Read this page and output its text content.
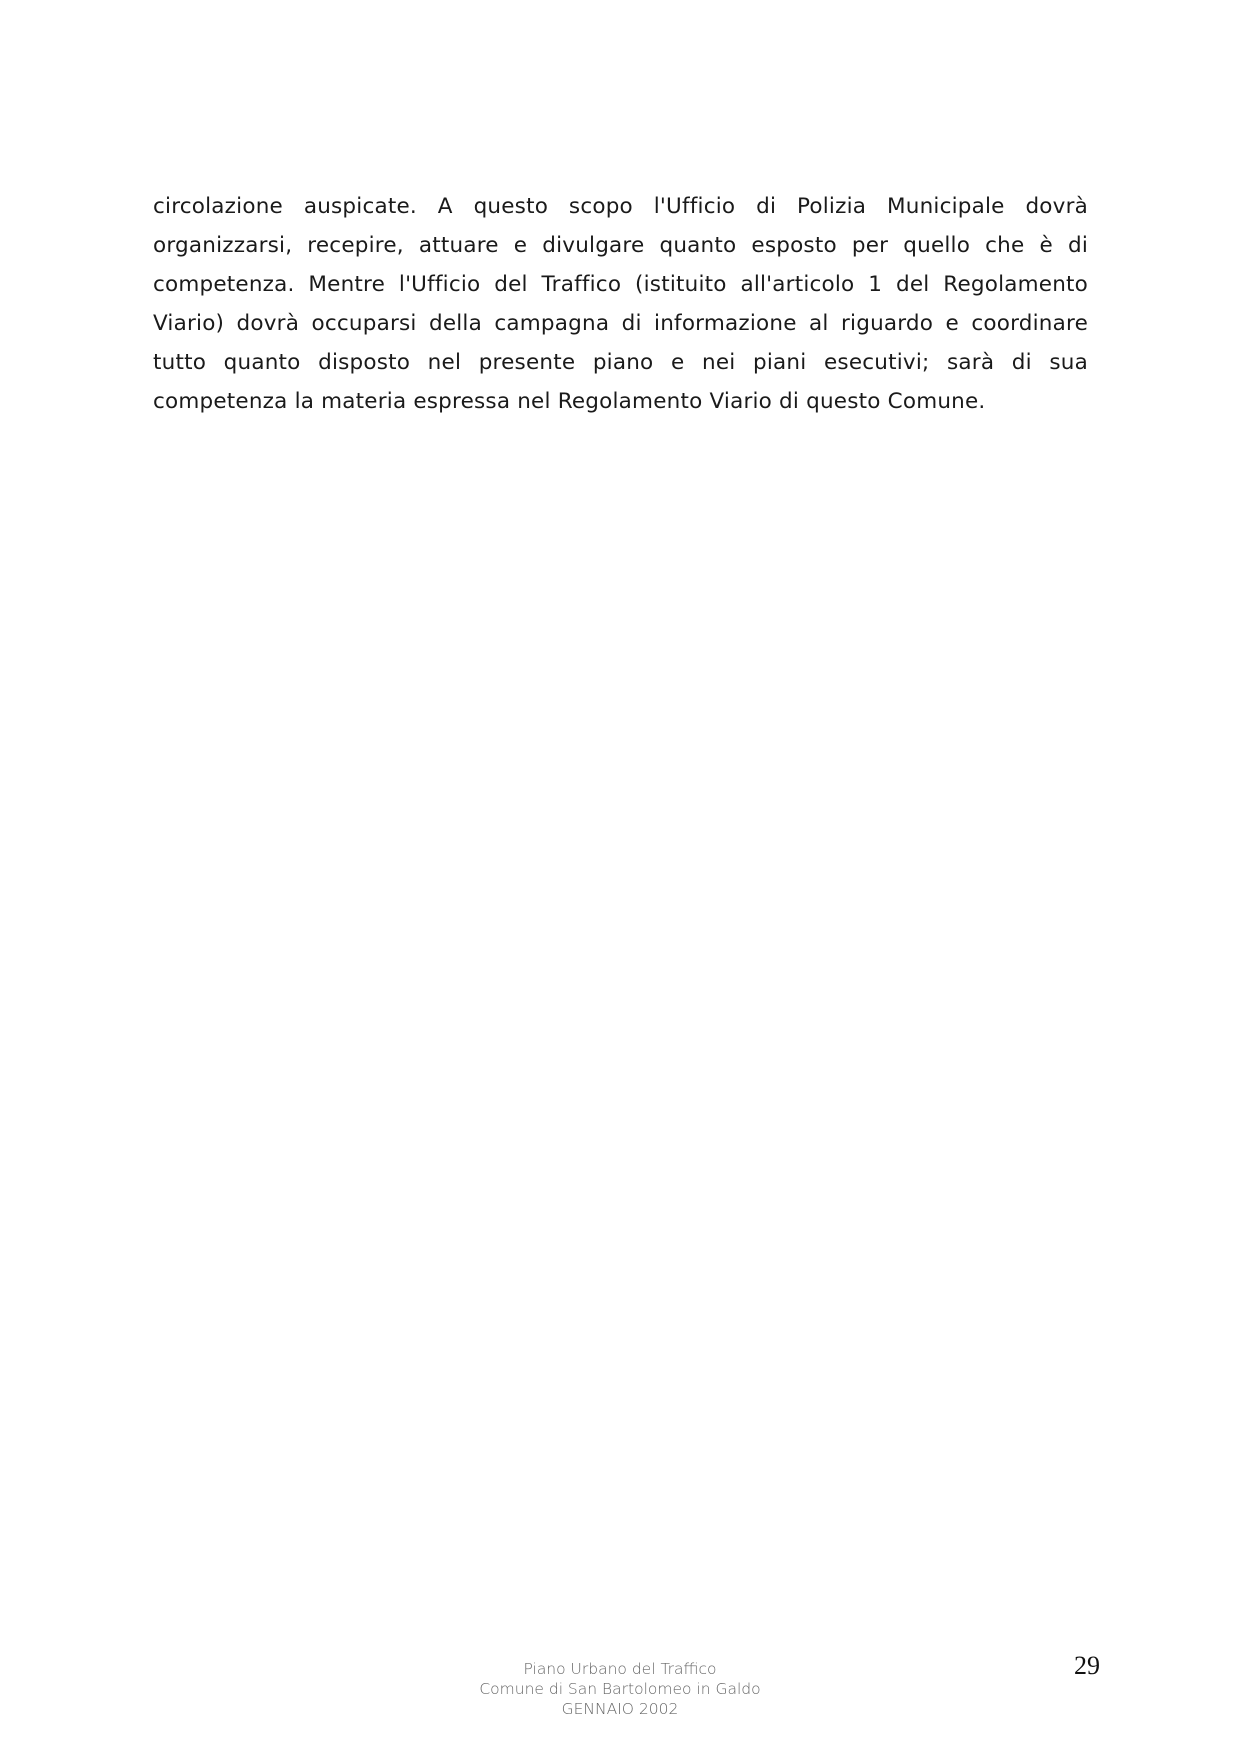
circolazione auspicate. A questo scopo l'Ufficio di Polizia Municipale dovrà
organizzarsi, recepire, attuare e divulgare quanto esposto per quello che è di
competenza. Mentre l'Ufficio del Traffico (istituito all'articolo 1 del Regolamento
Viario) dovrà occuparsi della campagna di informazione al riguardo e coordinare
tutto quanto disposto nel presente piano e nei piani esecutivi; sarà di sua
competenza la materia espressa nel Regolamento Viario di questo Comune.
Piano Urbano del Traffico
Comune di San Bartolomeo in Galdo
GENNAIO 2002
29
